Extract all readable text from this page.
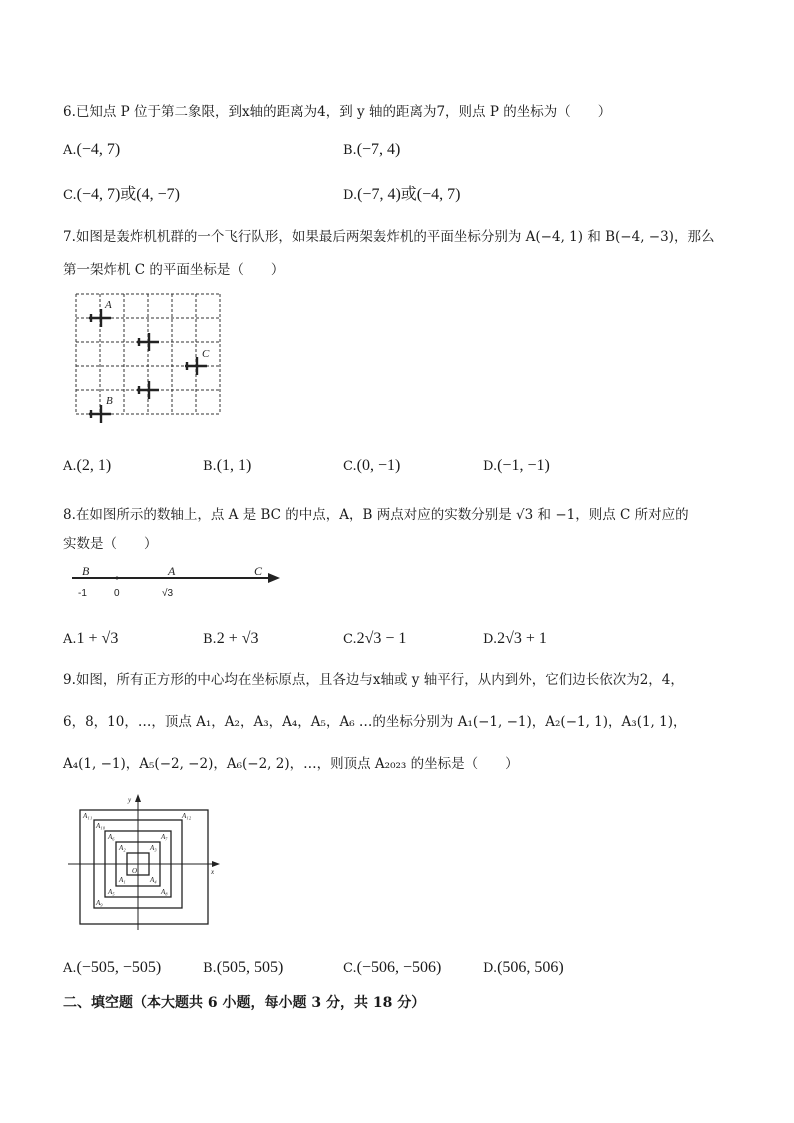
6.已知点 P 位于第二象限，到x轴的距离为4，到 y 轴的距离为7，则点 P 的坐标为（　　）
A.(−4, 7)	B.(−7, 4)
C.(−4, 7)或(4, −7)	D.(−7, 4)或(−4, 7)
7.如图是轰炸机机群的一个飞行队形，如果最后两架轰炸机的平面坐标分别为 A(−4, 1) 和 B(−4, −3)，那么
第一架炸机 C 的平面坐标是（　　）
A
C
B
A.(2, 1)	B.(1, 1)	C.(0, −1)	D.(−1, −1)
8.在如图所示的数轴上，点 A 是 BC 的中点，A，B 两点对应的实数分别是 √3 和 −1，则点 C 所对应的
实数是（　　）
B	A	C
-1	0	√3
A.1 + √3	B.2 + √3	C.2√3 − 1	D.2√3 + 1
9.如图，所有正方形的中心均在坐标原点，且各边与x轴或 y 轴平行，从内到外，它们边长依次为2，4，
6，8，10，…，顶点 A₁，A₂，A₃，A₄，A₅，A₆ …的坐标分别为 A₁(−1, −1)，A₂(−1, 1)，A₃(1, 1)，
A₄(1, −1)，A₅(−2, −2)，A₆(−2, 2)，…，则顶点 A₂₀₂₃ 的坐标是（　　）
x
y
O
A₁
A₂	A₃
A₄
A₅
A₆	A₇
A₈
A₉
A₁₀
A₁₁	A₁₂
A.(−505, −505)	B.(505, 505)	C.(−506, −506)	D.(506, 506)
二、填空题（本大题共 6 小题，每小题 3 分，共 18 分）
